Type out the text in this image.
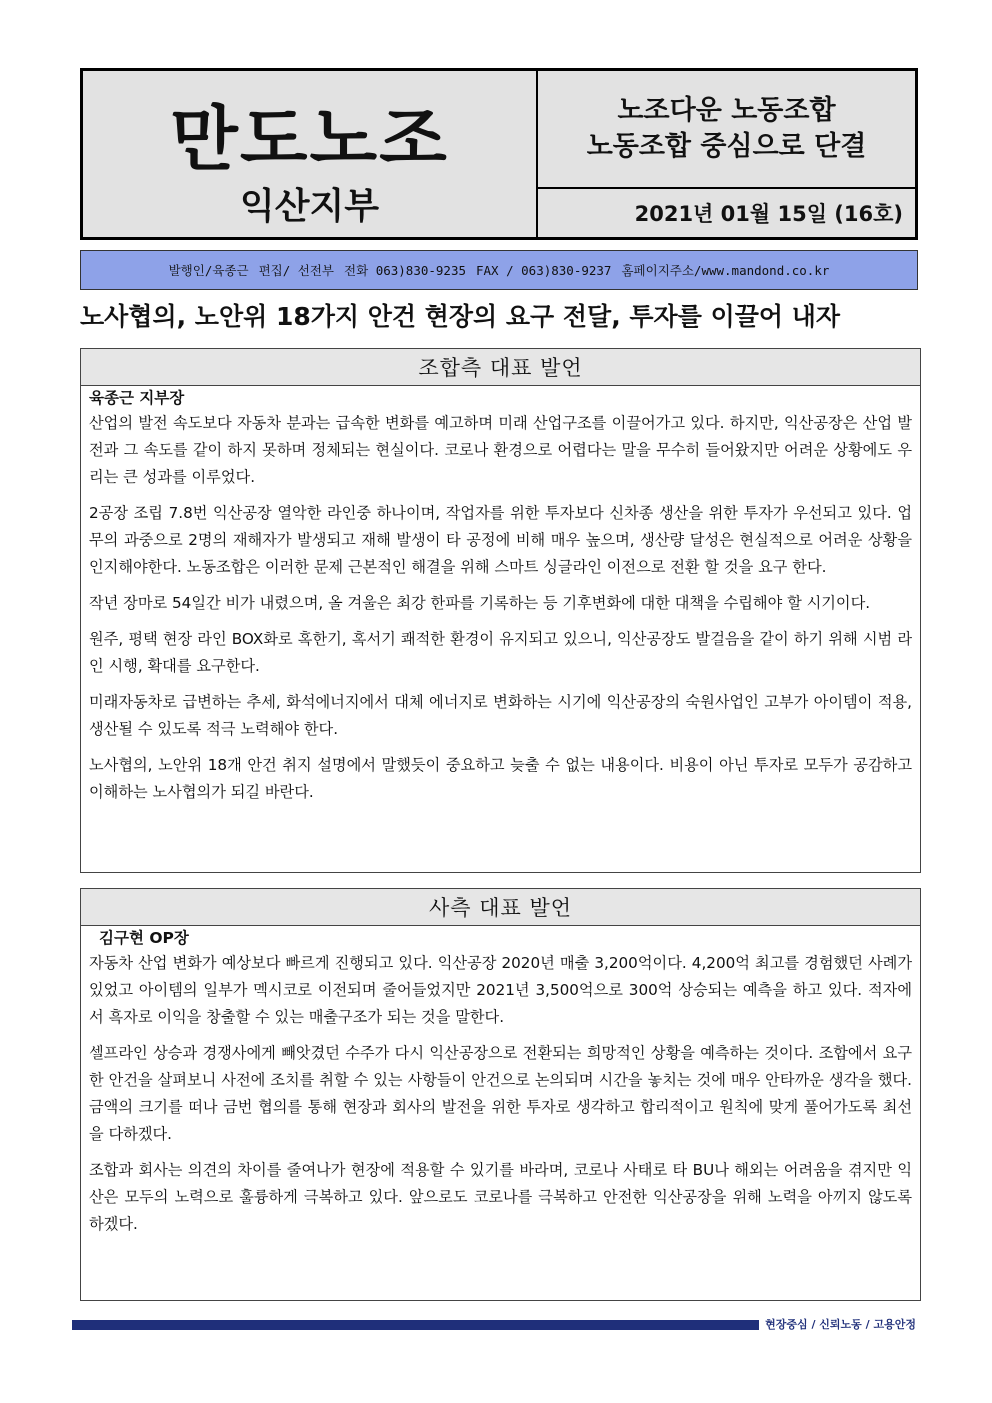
만도노조
익산지부
노조다운 노동조합
노동조합 중심으로 단결
2021년 01월 15일 (16호)
발행인/육종근 편집/ 선전부 전화 063)830-9235 FAX / 063)830-9237 홈페이지주소/www.mandond.co.kr
노사협의, 노안위 18가지 안건 현장의 요구 전달, 투자를 이끌어 내자
조합측 대표 발언
육종근 지부장

산업의 발전 속도보다 자동차 분과는 급속한 변화를 예고하며 미래 산업구조를 이끌어가고 있다. 하지만, 익산공장은 산업 발전과 그 속도를 같이 하지 못하며 정체되는 현실이다. 코로나 환경으로 어렵다는 말을 무수히 들어왔지만 어려운 상황에도 우리는 큰 성과를 이루었다.

2공장 조립 7.8번 익산공장 열악한 라인중 하나이며, 작업자를 위한 투자보다 신차종 생산을 위한 투자가 우선되고 있다. 업무의 과중으로 2명의 재해자가 발생되고 재해 발생이 타 공정에 비해 매우 높으며, 생산량 달성은 현실적으로 어려운 상황을 인지해야한다. 노동조합은 이러한 문제 근본적인 해결을 위해 스마트 싱글라인 이전으로 전환 할 것을 요구 한다.

작년 장마로 54일간 비가 내렸으며, 올 겨울은 최강 한파를 기록하는 등 기후변화에 대한 대책을 수립해야 할 시기이다.

원주, 평택 현장 라인 BOX화로 혹한기, 혹서기 쾌적한 환경이 유지되고 있으니, 익산공장도 발걸음을 같이 하기 위해 시범 라인 시행, 확대를 요구한다.

미래자동차로 급변하는 추세, 화석에너지에서 대체 에너지로 변화하는 시기에 익산공장의 숙원사업인 고부가 아이템이 적용, 생산될 수 있도록 적극 노력해야 한다.

노사협의, 노안위 18개 안건 취지 설명에서 말했듯이 중요하고 늦출 수 없는 내용이다. 비용이 아닌 투자로 모두가 공감하고 이해하는 노사협의가 되길 바란다.

사측 대표 발언
김구현 OP장

자동차 산업 변화가 예상보다 빠르게 진행되고 있다. 익산공장 2020년 매출 3,200억이다. 4,200억 최고를 경험했던 사례가 있었고 아이템의 일부가 멕시코로 이전되며 줄어들었지만 2021년 3,500억으로 300억 상승되는 예측을 하고 있다. 적자에서 흑자로 이익을 창출할 수 있는 매출구조가 되는 것을 말한다.

셀프라인 상승과 경쟁사에게 빼앗겼던 수주가 다시 익산공장으로 전환되는 희망적인 상황을 예측하는 것이다. 조합에서 요구한 안건을 살펴보니 사전에 조치를 취할 수 있는 사항들이 안건으로 논의되며 시간을 놓치는 것에 매우 안타까운 생각을 했다. 금액의 크기를 떠나 금번 협의를 통해 현장과 회사의 발전을 위한 투자로 생각하고 합리적이고 원칙에 맞게 풀어가도록 최선을 다하겠다.

조합과 회사는 의견의 차이를 줄여나가 현장에 적용할 수 있기를 바라며, 코로나 사태로 타 BU나 해외는 어려움을 겪지만 익산은 모두의 노력으로 훌륭하게 극복하고 있다. 앞으로도 코로나를 극복하고 안전한 익산공장을 위해 노력을 아끼지 않도록 하겠다.

현장중심 / 신뢰노동 / 고용안정
